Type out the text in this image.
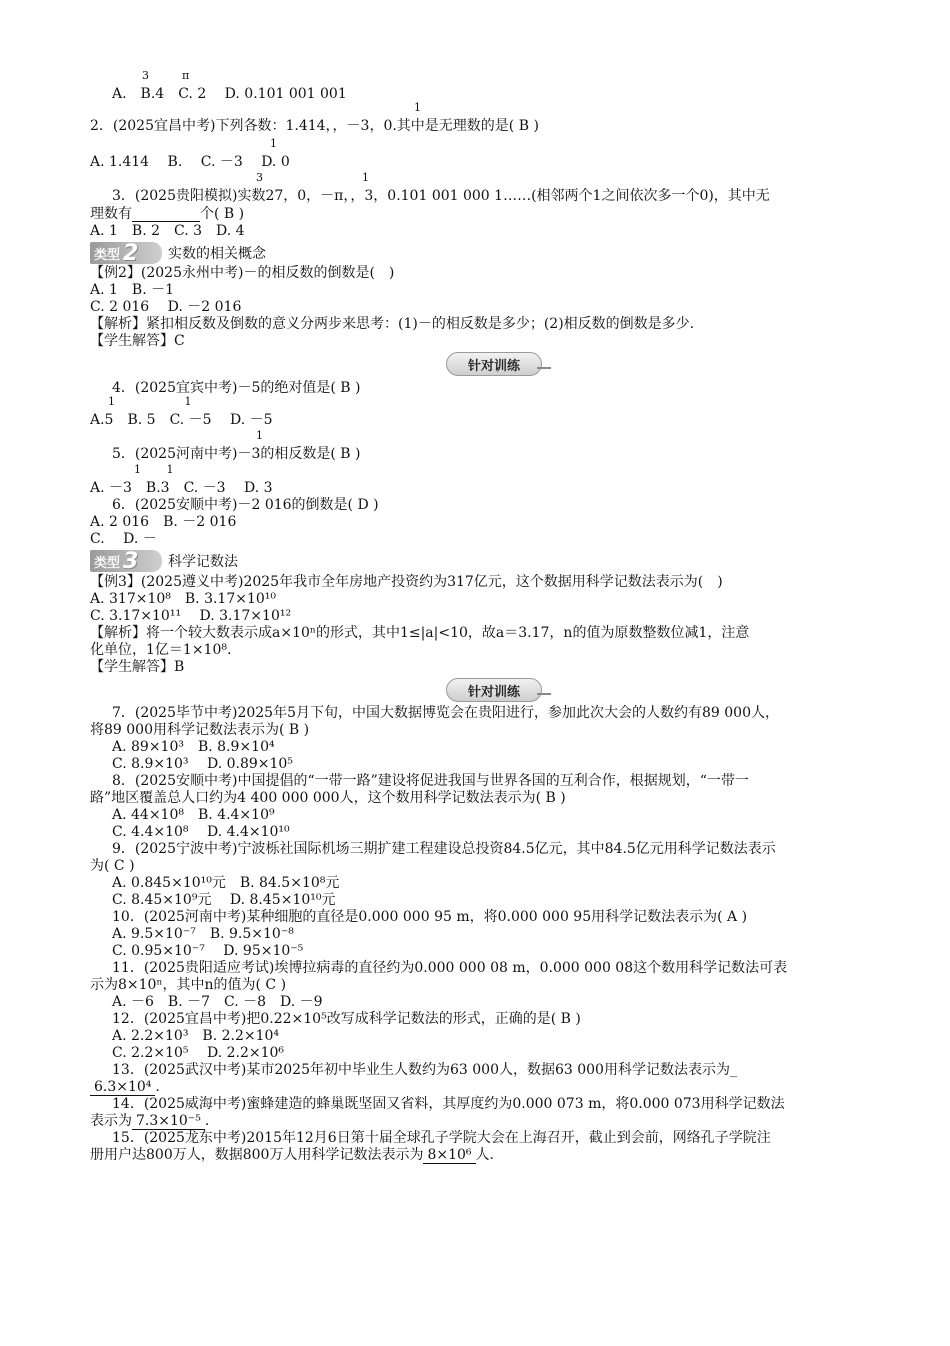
3　　　π
A.　B.4　C. 2　 D. 0.101 001 001
1
2．(2025宜昌中考)下列各数：1.414，，－3，0.其中是无理数的是( B )
1
A. 1.414　 B.　 C. －3　 D. 0
3　　　　　　　　　1
3．(2025贵阳模拟)实数27，0，－π，，3，0.101 001 000 1……(相邻两个1之间依次多一个0)，其中无
理数有	个( B )
A. 1　B. 2　C. 3　D. 4
类型 2 实数的相关概念
【例2】(2025永州中考)－的相反数的倒数是(　)
A. 1　B. －1
C. 2 016　 D. －2 016
【解析】紧扣相反数及倒数的意义分两步来思考：(1)－的相反数是多少；(2)相反数的倒数是多少.
【学生解答】C
针对训练
4．(2025宜宾中考)－5的绝对值是( B )
1　　　　　　 1
A.5　B. 5　C. －5　 D. －5
1
5．(2025河南中考)－3的相反数是( B )
1　　 1
A. －3　B.3　C. －3　 D. 3
6．(2025安顺中考)－2 016的倒数是( D )
A. 2 016　B. －2 016
C.　 D. －
类型 3 科学记数法
【例3】(2025遵义中考)2025年我市全年房地产投资约为317亿元，这个数据用科学记数法表示为(　)
A. 317×10⁸　B. 3.17×10¹⁰
C. 3.17×10¹¹　 D. 3.17×10¹²
【解析】将一个较大数表示成a×10ⁿ的形式，其中1≤|a|<10，故a＝3.17，n的值为原数整数位减1，注意
化单位，1亿＝1×10⁸.
【学生解答】B
针对训练
7．(2025毕节中考)2025年5月下旬，中国大数据博览会在贵阳进行，参加此次大会的人数约有89 000人，
将89 000用科学记数法表示为( B )
A. 89×10³　B. 8.9×10⁴
C. 8.9×10³　 D. 0.89×10⁵
8．(2025安顺中考)中国提倡的“一带一路”建设将促进我国与世界各国的互利合作，根据规划，“一带一
路”地区覆盖总人口约为4 400 000 000人，这个数用科学记数法表示为( B )
A. 44×10⁸　B. 4.4×10⁹
C. 4.4×10⁸　 D. 4.4×10¹⁰
9．(2025宁波中考)宁波栎社国际机场三期扩建工程建设总投资84.5亿元，其中84.5亿元用科学记数法表示
为( C )
A. 0.845×10¹⁰元　B. 84.5×10⁸元
C. 8.45×10⁹元　 D. 8.45×10¹⁰元
10．(2025河南中考)某种细胞的直径是0.000 000 95 m，将0.000 000 95用科学记数法表示为( A )
A. 9.5×10⁻⁷　B. 9.5×10⁻⁸
C. 0.95×10⁻⁷　 D. 95×10⁻⁵
11．(2025贵阳适应考试)埃博拉病毒的直径约为0.000 000 08 m，0.000 000 08这个数用科学记数法可表
示为8×10ⁿ，其中n的值为( C )
A. －6　B. －7　C. －8　D. －9
12．(2025宜昌中考)把0.22×10⁵改写成科学记数法的形式，正确的是( B )
A. 2.2×10³　B. 2.2×10⁴
C. 2.2×10⁵　 D. 2.2×10⁶
13．(2025武汉中考)某市2025年初中毕业生人数约为63 000人，数据63 000用科学记数法表示为_
6.3×10⁴ .
14．(2025威海中考)蜜蜂建造的蜂巢既坚固又省料，其厚度约为0.000 073 m，将0.000 073用科学记数法
表示为 7.3×10⁻⁵ .
15．(2025龙东中考)2015年12月6日第十届全球孔子学院大会在上海召开，截止到会前，网络孔子学院注
册用户达800万人，数据800万人用科学记数法表示为 8×10⁶ 人.
